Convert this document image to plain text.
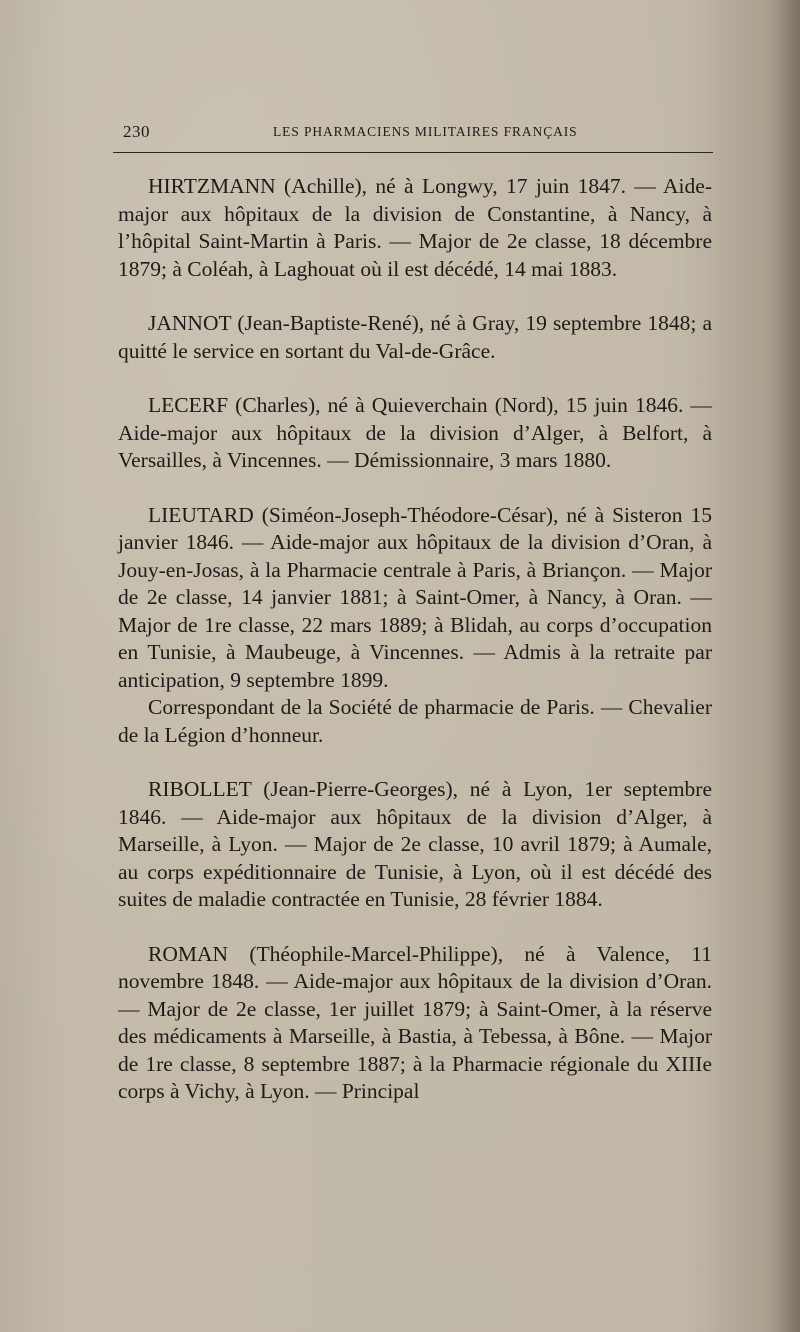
230	LES PHARMACIENS MILITAIRES FRANÇAIS

HIRTZMANN (Achille), né à Longwy, 17 juin 1847. — Aide-major aux hôpitaux de la division de Constantine, à Nancy, à l’hôpital Saint-Martin à Paris. — Major de 2e classe, 18 décembre 1879; à Coléah, à Laghouat où il est décédé, 14 mai 1883.

JANNOT (Jean-Baptiste-René), né à Gray, 19 septembre 1848; a quitté le service en sortant du Val-de-Grâce.

LECERF (Charles), né à Quieverchain (Nord), 15 juin 1846. — Aide-major aux hôpitaux de la division d’Alger, à Belfort, à Versailles, à Vincennes. — Démissionnaire, 3 mars 1880.

LIEUTARD (Siméon-Joseph-Théodore-César), né à Sisteron 15 janvier 1846. — Aide-major aux hôpitaux de la division d’Oran, à Jouy-en-Josas, à la Pharmacie centrale à Paris, à Briançon. — Major de 2e classe, 14 janvier 1881; à Saint-Omer, à Nancy, à Oran. — Major de 1re classe, 22 mars 1889; à Blidah, au corps d’occupation en Tunisie, à Maubeuge, à Vincennes. — Admis à la retraite par anticipation, 9 septembre 1899.

Correspondant de la Société de pharmacie de Paris. — Chevalier de la Légion d’honneur.

RIBOLLET (Jean-Pierre-Georges), né à Lyon, 1er septembre 1846. — Aide-major aux hôpitaux de la division d’Alger, à Marseille, à Lyon. — Major de 2e classe, 10 avril 1879; à Aumale, au corps expéditionnaire de Tunisie, à Lyon, où il est décédé des suites de maladie contractée en Tunisie, 28 février 1884.

ROMAN (Théophile-Marcel-Philippe), né à Valence, 11 novembre 1848. — Aide-major aux hôpitaux de la division d’Oran. — Major de 2e classe, 1er juillet 1879; à Saint-Omer, à la réserve des médicaments à Marseille, à Bastia, à Tebessa, à Bône. — Major de 1re classe, 8 septembre 1887; à la Pharmacie régionale du XIIIe corps à Vichy, à Lyon. — Principal
